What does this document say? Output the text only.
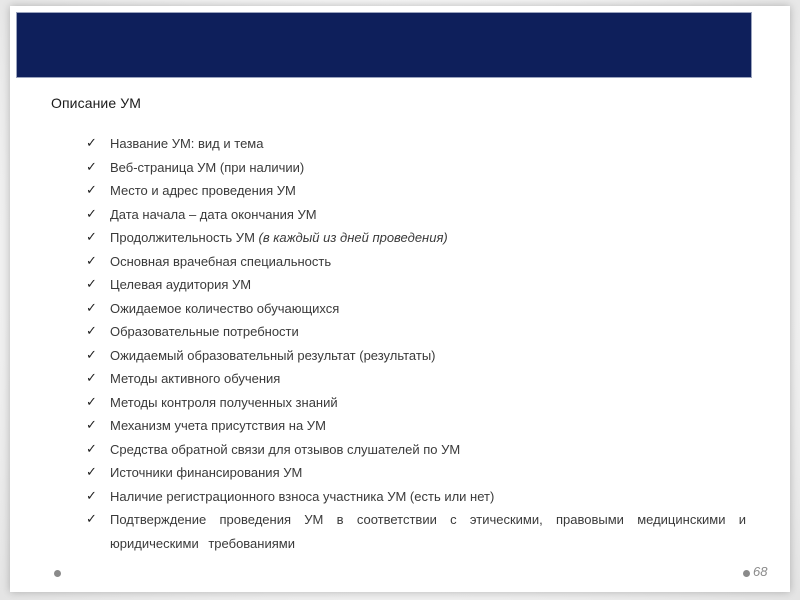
Описание УМ
✓ Название УМ: вид и тема
✓ Веб-страница УМ (при наличии)
✓ Место и адрес проведения УМ
✓ Дата начала – дата окончания УМ
✓ Продолжительность УМ (в каждый из дней проведения)
✓ Основная врачебная специальность
✓ Целевая аудитория УМ
✓ Ожидаемое количество обучающихся
✓ Образовательные потребности
✓ Ожидаемый образовательный результат (результаты)
✓ Методы активного обучения
✓ Методы контроля полученных знаний
✓ Механизм учета присутствия на УМ
✓ Средства обратной связи для отзывов слушателей по УМ
✓ Источники финансирования УМ
✓ Наличие регистрационного взноса участника УМ (есть или нет)
✓ Подтверждение проведения УМ в соответствии с этическими, правовыми медицинскими и юридическими требованиями
68
